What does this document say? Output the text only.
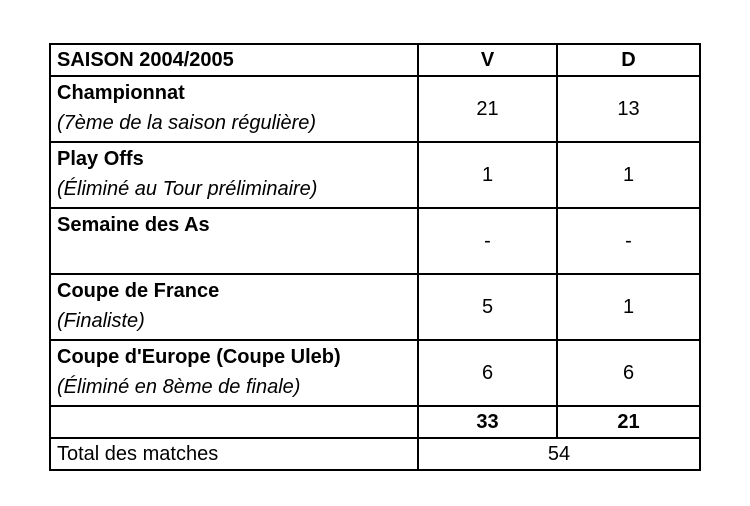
SAISON 2004/2005	V	D

Championnat
(7ème de la saison régulière)	21	13

Play Offs
(Éliminé au Tour préliminaire)	1	1

Semaine des As	-	-

Coupe de France
(Finaliste)	5	1

Coupe d'Europe (Coupe Uleb)
(Éliminé en 8ème de finale)	6	6
	33	21
Total des matches	54	
